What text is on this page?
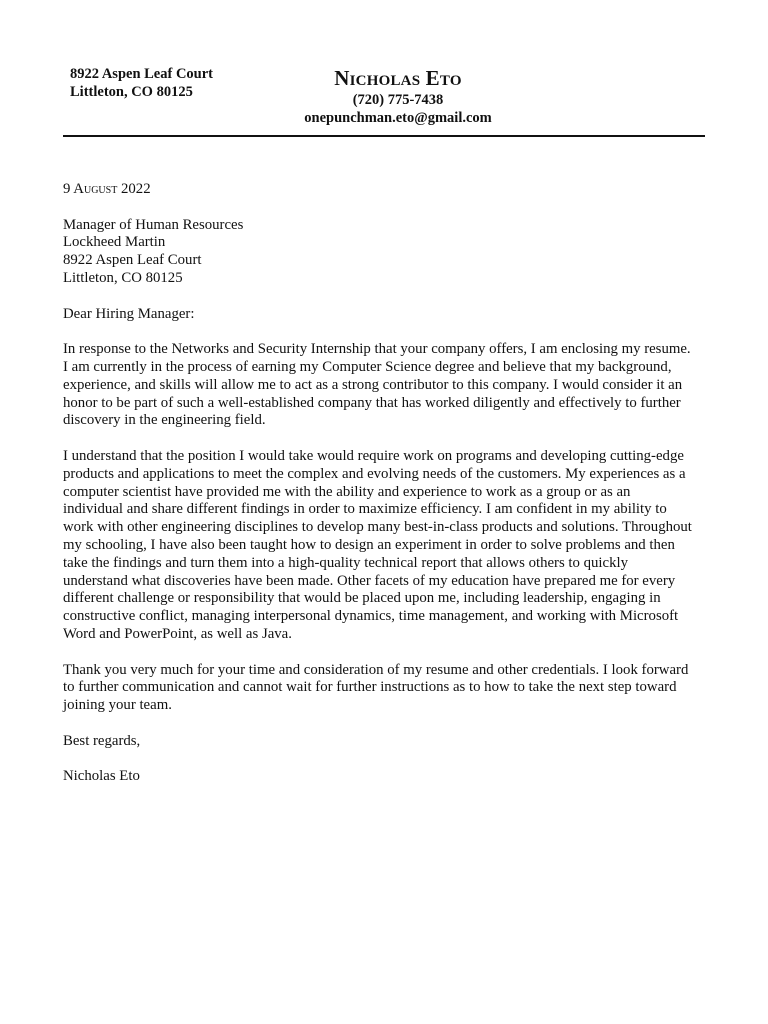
8922 Aspen Leaf Court
Littleton, CO 80125
Nicholas Eto
(720) 775-7438
onepunchman.eto@gmail.com
9 August 2022
Manager of Human Resources
Lockheed Martin
8922 Aspen Leaf Court
Littleton, CO 80125
Dear Hiring Manager:
In response to the Networks and Security Internship that your company offers, I am enclosing my resume.
I am currently in the process of earning my Computer Science degree and believe that my background,
experience, and skills will allow me to act as a strong contributor to this company. I would consider it an
honor to be part of such a well-established company that has worked diligently and effectively to further
discovery in the engineering field.
I understand that the position I would take would require work on programs and developing cutting-edge
products and applications to meet the complex and evolving needs of the customers. My experiences as a
computer scientist have provided me with the ability and experience to work as a group or as an
individual and share different findings in order to maximize efficiency. I am confident in my ability to
work with other engineering disciplines to develop many best-in-class products and solutions. Throughout
my schooling, I have also been taught how to design an experiment in order to solve problems and then
take the findings and turn them into a high-quality technical report that allows others to quickly
understand what discoveries have been made. Other facets of my education have prepared me for every
different challenge or responsibility that would be placed upon me, including leadership, engaging in
constructive conflict, managing interpersonal dynamics, time management, and working with Microsoft
Word and PowerPoint, as well as Java.
Thank you very much for your time and consideration of my resume and other credentials. I look forward
to further communication and cannot wait for further instructions as to how to take the next step toward
joining your team.
Best regards,
Nicholas Eto
